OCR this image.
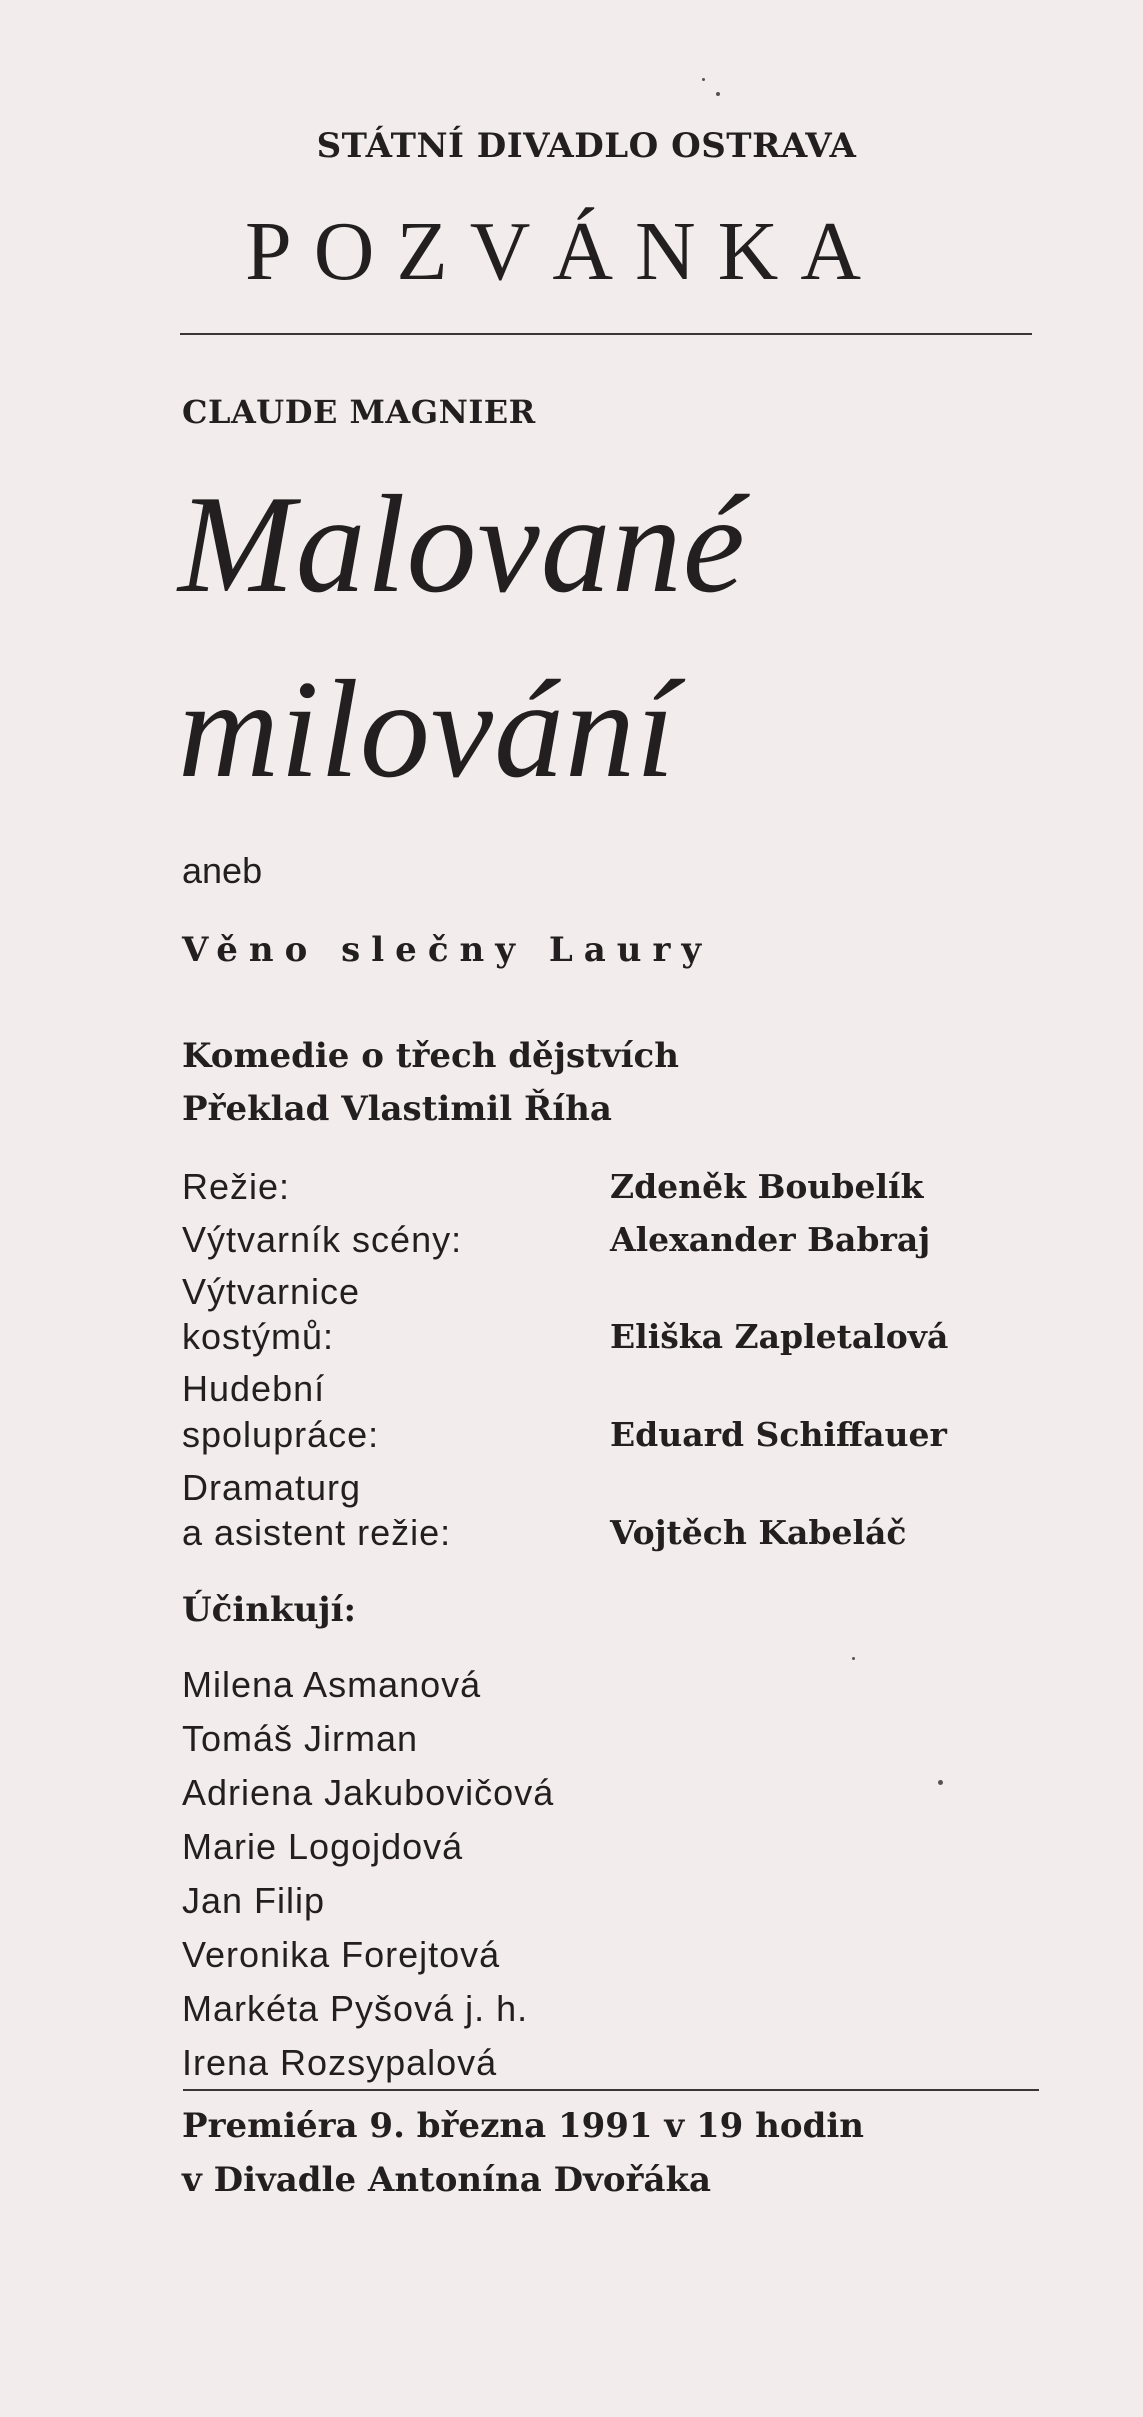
STÁTNÍ DIVADLO OSTRAVA
POZVÁNKA
CLAUDE MAGNIER
Malované
milování
aneb
Věno slečny Laury
Komedie o třech dějstvích
Překlad Vlastimil Říha
Režie:	Zdeněk Boubelík
Výtvarník scény:	Alexander Babraj
Výtvarnice
kostýmů:	Eliška Zapletalová
Hudební
spolupráce:	Eduard Schiffauer
Dramaturg
a asistent režie:	Vojtěch Kabeláč
Účinkují:
Milena Asmanová
Tomáš Jirman
Adriena Jakubovičová
Marie Logojdová
Jan Filip
Veronika Forejtová
Markéta Pyšová j. h.
Irena Rozsypalová
Premiéra 9. března 1991 v 19 hodin
v Divadle Antonína Dvořáka
